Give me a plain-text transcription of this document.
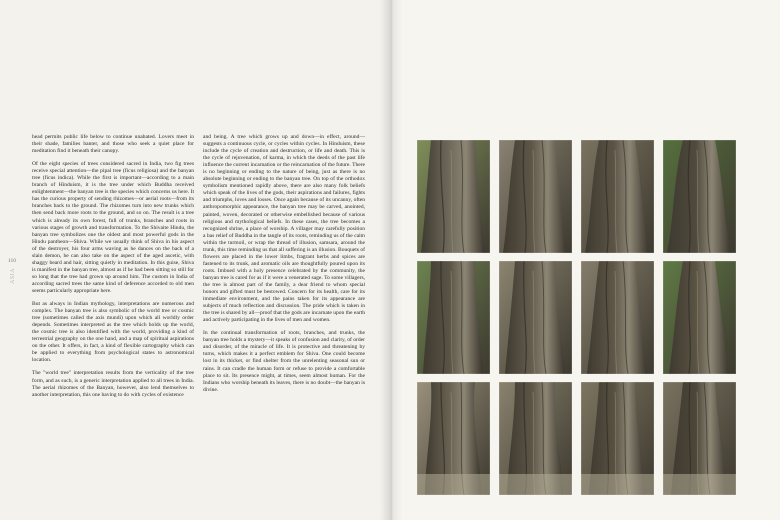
110
ASIA

head permits public life below to continue unabated. Lovers meet in their shade, families banter, and those who seek a quiet place for meditation find it beneath their canopy.

Of the eight species of trees considered sacred in India, two fig trees receive special attention—the pipal tree (ficus religiosa) and the banyan tree (ficus indica). While the first is important—according to a main branch of Hinduism, it is the tree under which Buddha received enlightenment—the banyan tree is the species which concerns us here. It has the curious property of sending rhizomes—or aerial roots—from its branches back to the ground. The rhizomes turn into new trunks which then send back more roots to the ground, and so on. The result is a tree which is already its own forest, full of trunks, branches and roots in various stages of growth and transformation. To the Shivaite Hindu, the banyan tree symbolizes one the oldest and most powerful gods in the Hindu pantheon—Shiva. While we usually think of Shiva in his aspect of the destroyer, his four arms waving as he dances on the back of a slain demon, he can also take on the aspect of the aged ascetic, with shaggy beard and hair, sitting quietly in meditation. In this guise, Shiva is manifest in the banyan tree, almost as if he had been sitting so still for so long that the tree had grown up around him. The custom in India of according sacred trees the same kind of deference accorded to old men seems particularly appropriate here.

But as always in Indian mythology, interpretations are numerous and complex. The banyan tree is also symbolic of the world tree or cosmic tree (sometimes called the axis mundi) upon which all worldly order depends. Sometimes interpreted as the tree which holds up the world, the cosmic tree is also identified with the world, providing a kind of terrestrial geography on the one hand, and a map of spiritual aspirations on the other. It offers, in fact, a kind of flexible cartography which can be applied to everything from psychological states to astronomical location.

The "world tree" interpretation results from the verticality of the tree form, and as such, is a generic interpretation applied to all trees in India. The aerial rhizomes of the Banyan, however, also lend themselves to another interpretation, this one having to do with cycles of existence

and being. A tree which grows up and down—in effect, around—suggests a continuous cycle, or cycles within cycles. In Hinduism, these include the cycle of creation and destruction, or life and death. This is the cycle of rejuvenation, of karma, in which the deeds of the past life influence the current incarnation or the reincarnation of the future. There is no beginning or ending to the nature of being, just as there is no absolute beginning or ending to the banyan tree. On top of the orthodox symbolism mentioned rapidly above, there are also many folk beliefs which speak of the lives of the gods, their aspirations and failures, fights and triumphs, loves and losses. Once again because of its uncanny, often anthropomorphic appearance, the banyan tree may be carved, anointed, painted, woven, decorated or otherwise embellished because of various religious and mythological beliefs. In these cases, the tree becomes a recognized shrine, a place of worship. A villager may carefully position a bas relief of Buddha in the tangle of its roots, reminding us of the calm within the turmoil, or wrap the thread of illusion, samsara, around the trunk, this time reminding us that all suffering is an illusion. Bouquets of flowers are placed in the lower limbs, fragrant herbs and spices are fastened to its trunk, and aromatic oils are thoughtfully poured upon its roots. Imbued with a holy presence celebrated by the community, the banyan tree is cared for as if it were a venerated sage. To some villagers, the tree is almost part of the family, a dear friend to whom special honors and gifted must be bestowed. Concern for its health, care for its immediate environment, and the pains taken for its appearance are subjects of much reflection and discussion. The pride which is taken in the tree is shared by all—proof that the gods are incarnate upon the earth and actively participating in the lives of men and women.

In the continual transformation of roots, branches, and trunks, the banyan tree holds a mystery—it speaks of confusion and clarity, of order and disorder, of the miracle of life. It is protective and threatening by turns, which makes it a perfect emblem for Shiva. One could become lost in its thicket, or find shelter from the unrelenting seasonal sun or rains. It can cradle the human form or refuse to provide a comfortable place to sit. Its presence might, at times, seem almost human. For the Indians who worship beneath its leaves, there is no doubt—the banyan is divine.
